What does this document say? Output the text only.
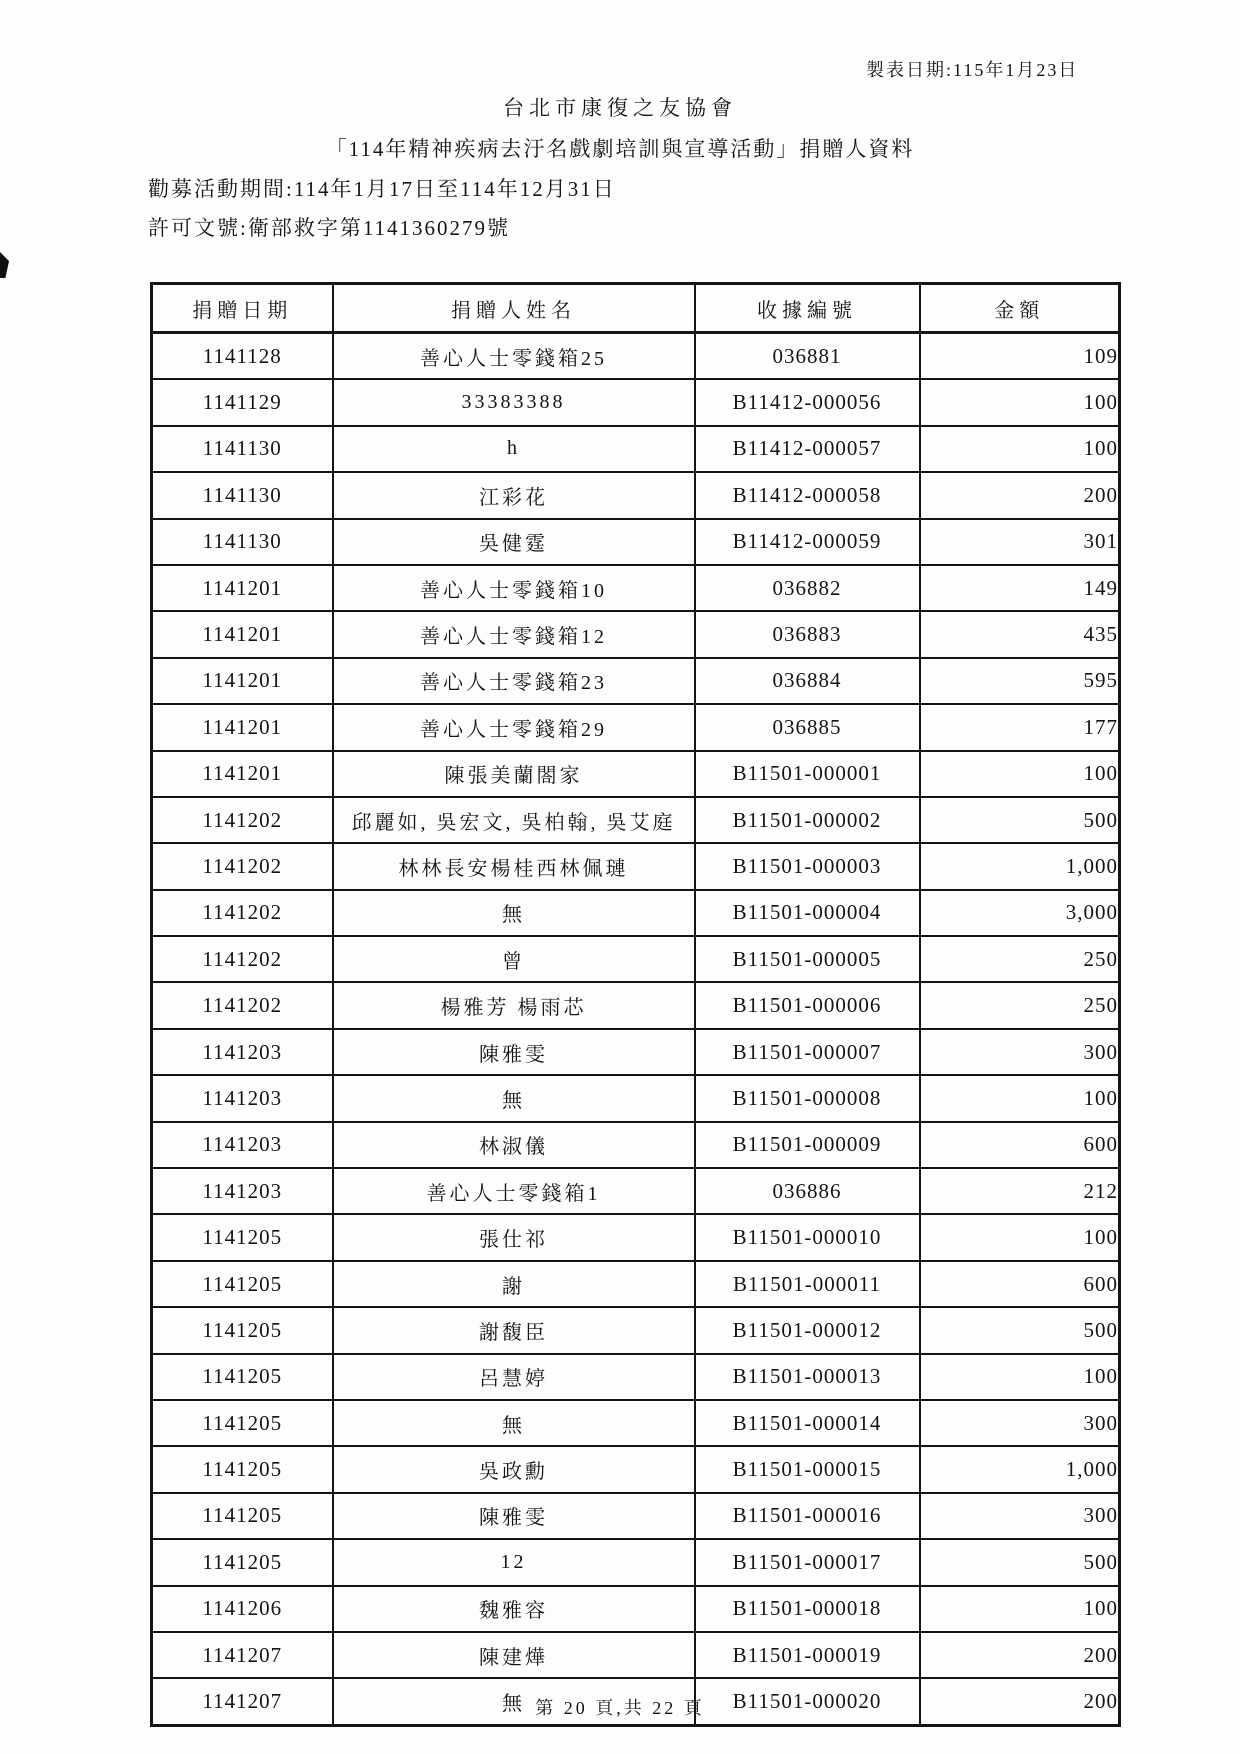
製表日期:115年1月23日
台北市康復之友協會
「114年精神疾病去汙名戲劇培訓與宣導活動」捐贈人資料
勸募活動期間:114年1月17日至114年12月31日
許可文號:衛部救字第1141360279號
捐贈日期	捐贈人姓名	收據編號	金額
1141128	善心人士零錢箱25	036881	109
1141129	33383388	B11412-000056	100
1141130	h	B11412-000057	100
1141130	江彩花	B11412-000058	200
1141130	吳健霆	B11412-000059	301
1141201	善心人士零錢箱10	036882	149
1141201	善心人士零錢箱12	036883	435
1141201	善心人士零錢箱23	036884	595
1141201	善心人士零錢箱29	036885	177
1141201	陳張美蘭閤家	B11501-000001	100
1141202	邱麗如, 吳宏文, 吳柏翰, 吳艾庭	B11501-000002	500
1141202	林林長安楊桂西林佩璉	B11501-000003	1,000
1141202	無	B11501-000004	3,000
1141202	曾	B11501-000005	250
1141202	楊雅芳 楊雨芯	B11501-000006	250
1141203	陳雅雯	B11501-000007	300
1141203	無	B11501-000008	100
1141203	林淑儀	B11501-000009	600
1141203	善心人士零錢箱1	036886	212
1141205	張仕祁	B11501-000010	100
1141205	謝	B11501-000011	600
1141205	謝馥臣	B11501-000012	500
1141205	呂慧婷	B11501-000013	100
1141205	無	B11501-000014	300
1141205	吳政勳	B11501-000015	1,000
1141205	陳雅雯	B11501-000016	300
1141205	12	B11501-000017	500
1141206	魏雅容	B11501-000018	100
1141207	陳建燁	B11501-000019	200
1141207	無	B11501-000020	200
第 20 頁,共 22 頁
